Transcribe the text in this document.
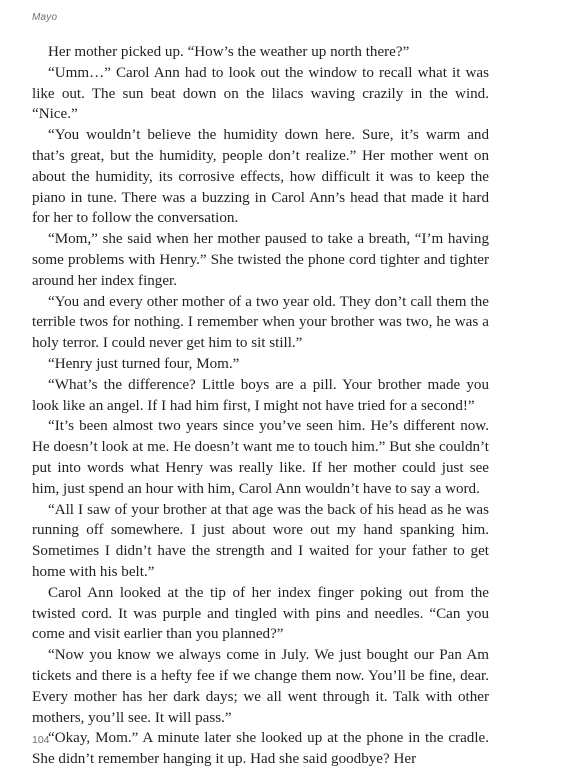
Mayo

Her mother picked up. “How’s the weather up north there?”

“Umm…” Carol Ann had to look out the window to recall what it was like out. The sun beat down on the lilacs waving crazily in the wind. “Nice.”

“You wouldn’t believe the humidity down here. Sure, it’s warm and that’s great, but the humidity, people don’t realize.” Her mother went on about the humidity, its corrosive effects, how difficult it was to keep the piano in tune. There was a buzzing in Carol Ann’s head that made it hard for her to follow the conversation.

“Mom,” she said when her mother paused to take a breath, “I’m having some problems with Henry.” She twisted the phone cord tighter and tighter around her index finger.

“You and every other mother of a two year old. They don’t call them the terrible twos for nothing. I remember when your brother was two, he was a holy terror. I could never get him to sit still.”

“Henry just turned four, Mom.”

“What’s the difference? Little boys are a pill. Your brother made you look like an angel. If I had him first, I might not have tried for a second!”

“It’s been almost two years since you’ve seen him. He’s different now. He doesn’t look at me. He doesn’t want me to touch him.” But she couldn’t put into words what Henry was really like. If her mother could just see him, just spend an hour with him, Carol Ann wouldn’t have to say a word.

“All I saw of your brother at that age was the back of his head as he was running off somewhere. I just about wore out my hand spanking him. Sometimes I didn’t have the strength and I waited for your father to get home with his belt.”

Carol Ann looked at the tip of her index finger poking out from the twisted cord. It was purple and tingled with pins and needles. “Can you come and visit earlier than you planned?”

“Now you know we always come in July. We just bought our Pan Am tickets and there is a hefty fee if we change them now. You’ll be fine, dear. Every mother has her dark days; we all went through it. Talk with other mothers, you’ll see. It will pass.”

“Okay, Mom.” A minute later she looked up at the phone in the cradle. She didn’t remember hanging it up. Had she said goodbye? Her

104
